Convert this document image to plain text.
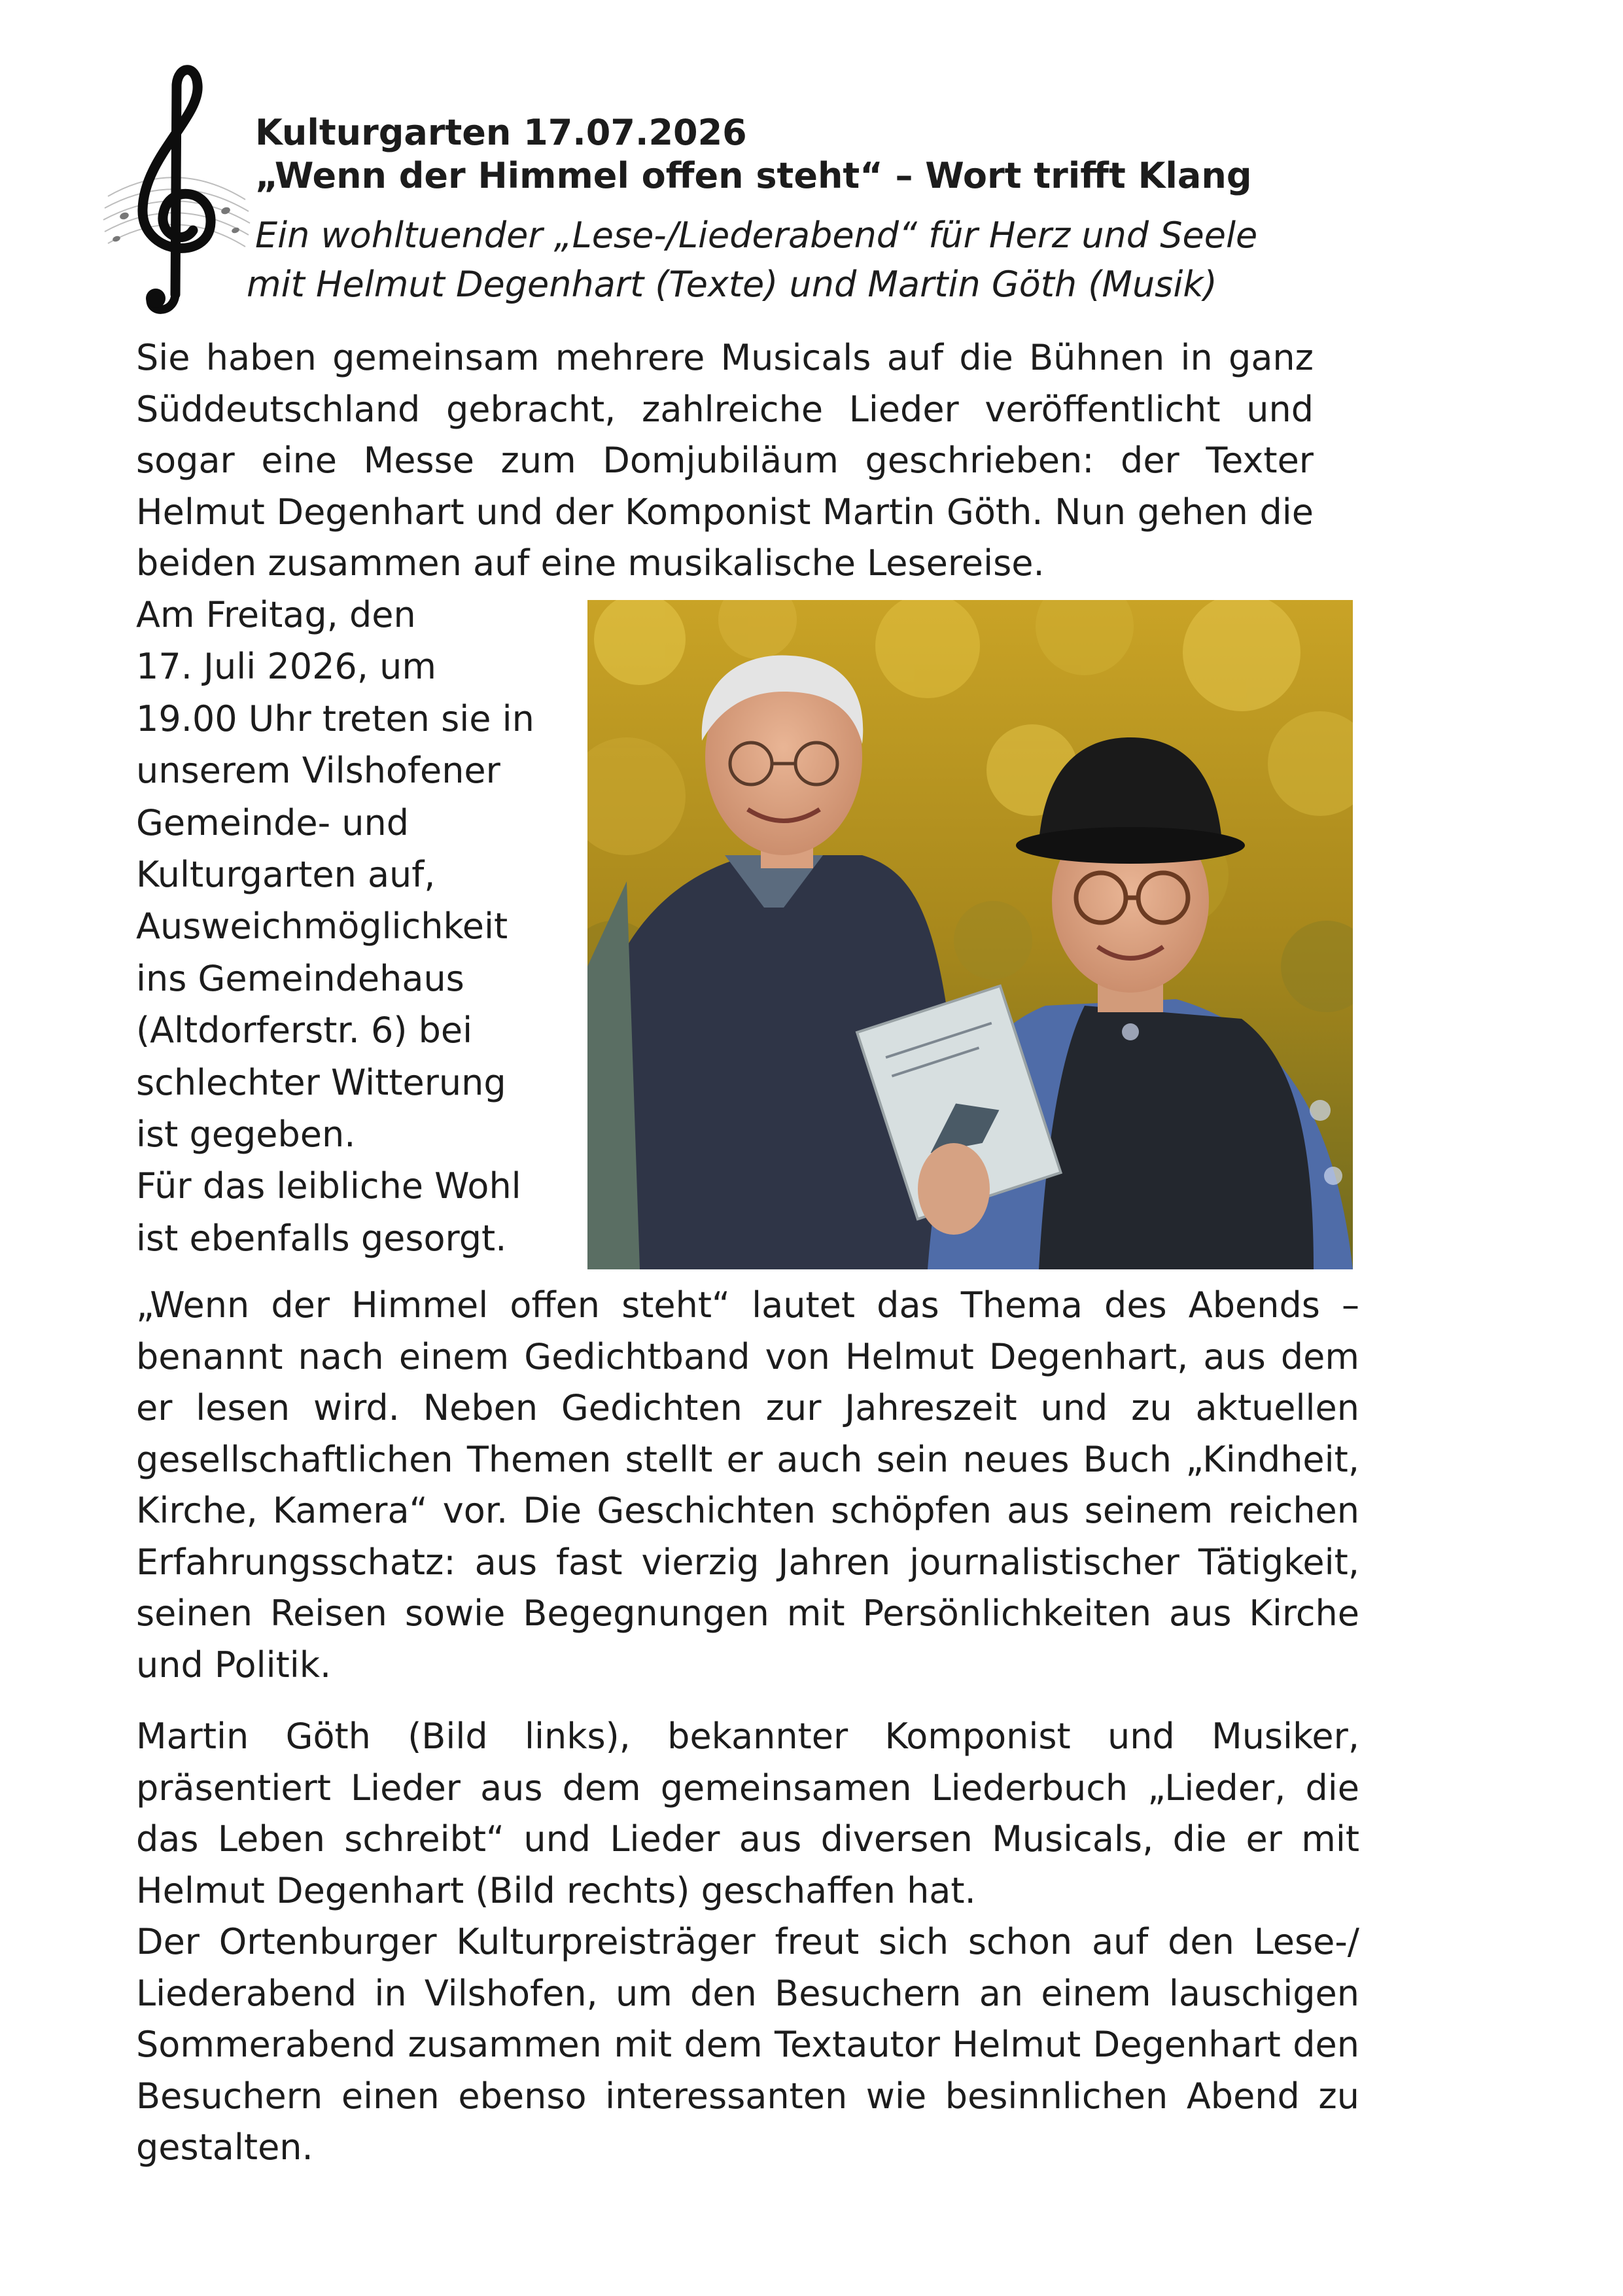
Kulturgarten 17.07.2026

„Wenn der Himmel offen steht“ – Wort trifft Klang

Ein wohltuender „Lese-/Liederabend“ für Herz und Seele

mit Helmut Degenhart (Texte) und Martin Göth (Musik)

Sie haben gemeinsam mehrere Musicals auf die Bühnen in ganz Süddeutschland gebracht, zahlreiche Lieder veröffentlicht und sogar eine Messe zum Domjubiläum geschrieben: der Texter Helmut Degenhart und der Komponist Martin Göth. Nun gehen die beiden zusammen auf eine musikalische Lesereise.

Am Freitag, den
17. Juli 2026, um
19.00 Uhr treten sie in
unserem Vilshofener
Gemeinde- und
Kulturgarten auf,
Ausweichmöglichkeit
ins Gemeindehaus
(Altdorferstr. 6) bei
schlechter Witterung
ist gegeben.
Für das leibliche Wohl
ist ebenfalls gesorgt.

„Wenn der Himmel offen steht“ lautet das Thema des Abends – benannt nach einem Gedichtband von Helmut Degenhart, aus dem er lesen wird. Neben Gedichten zur Jahreszeit und zu aktuellen gesellschaftlichen Themen stellt er auch sein neues Buch „Kindheit, Kirche, Kamera“ vor. Die Geschichten schöpfen aus seinem reichen Erfahrungsschatz: aus fast vierzig Jahren journalistischer Tätigkeit, seinen Reisen sowie Begegnungen mit Persönlichkeiten aus Kirche und Politik.

Martin Göth (Bild links), bekannter Komponist und Musiker, präsentiert Lieder aus dem gemeinsamen Liederbuch „Lieder, die das Leben schreibt“ und Lieder aus diversen Musicals, die er mit Helmut Degenhart (Bild rechts) geschaffen hat.

Der Ortenburger Kulturpreisträger freut sich schon auf den Lese-/ Liederabend in Vilshofen, um den Besuchern an einem lauschigen Sommerabend zusammen mit dem Textautor Helmut Degenhart den Besuchern einen ebenso interessanten wie besinnlichen Abend zu gestalten.
